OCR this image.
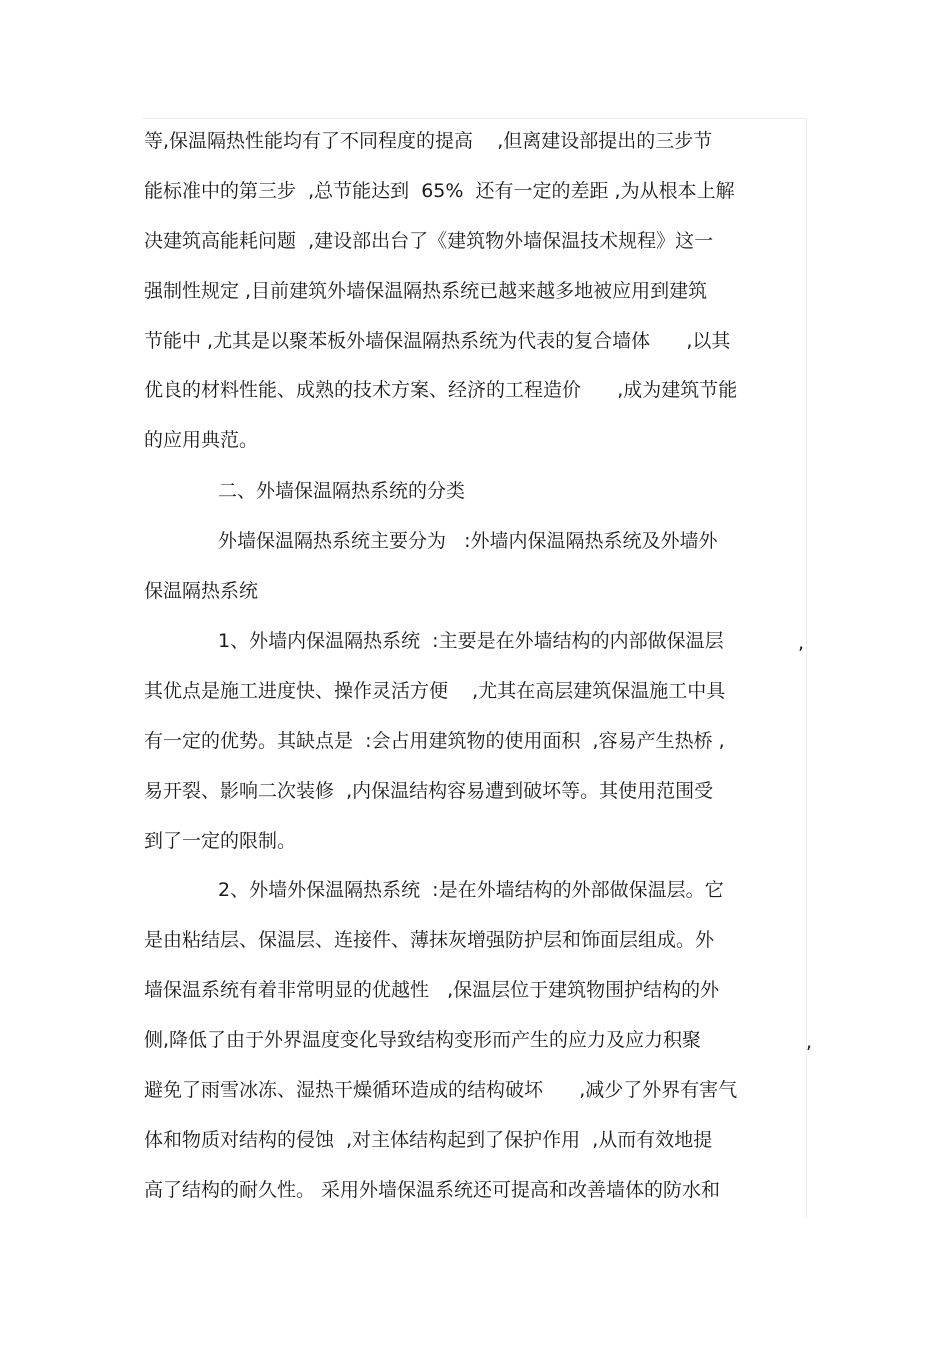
等,保温隔热性能均有了不同程度的提高    ,但离建设部提出的三步节
能标准中的第三步  ,总节能达到  65%  还有一定的差距 ,为从根本上解
决建筑高能耗问题  ,建设部出台了《建筑物外墙保温技术规程》这一
强制性规定 ,目前建筑外墙保温隔热系统已越来越多地被应用到建筑
节能中 ,尤其是以聚苯板外墙保温隔热系统为代表的复合墙体      ,以其
优良的材料性能、成熟的技术方案、经济的工程造价      ,成为建筑节能
的应用典范。
二、外墙保温隔热系统的分类
外墙保温隔热系统主要分为   :外墙内保温隔热系统及外墙外
保温隔热系统
1、外墙内保温隔热系统  :主要是在外墙结构的内部做保温层
其优点是施工进度快、操作灵活方便    ,尤其在高层建筑保温施工中具
有一定的优势。其缺点是  :会占用建筑物的使用面积  ,容易产生热桥 ,
易开裂、影响二次装修  ,内保温结构容易遭到破坏等。其使用范围受
到了一定的限制。
2、外墙外保温隔热系统  :是在外墙结构的外部做保温层。它
是由粘结层、保温层、连接件、薄抹灰增强防护层和饰面层组成。外
墙保温系统有着非常明显的优越性   ,保温层位于建筑物围护结构的外
侧,降低了由于外界温度变化导致结构变形而产生的应力及应力积聚
避免了雨雪冰冻、湿热干燥循环造成的结构破坏      ,减少了外界有害气
体和物质对结构的侵蚀  ,对主体结构起到了保护作用  ,从而有效地提
高了结构的耐久性。 采用外墙保温系统还可提高和改善墙体的防水和
,
,
